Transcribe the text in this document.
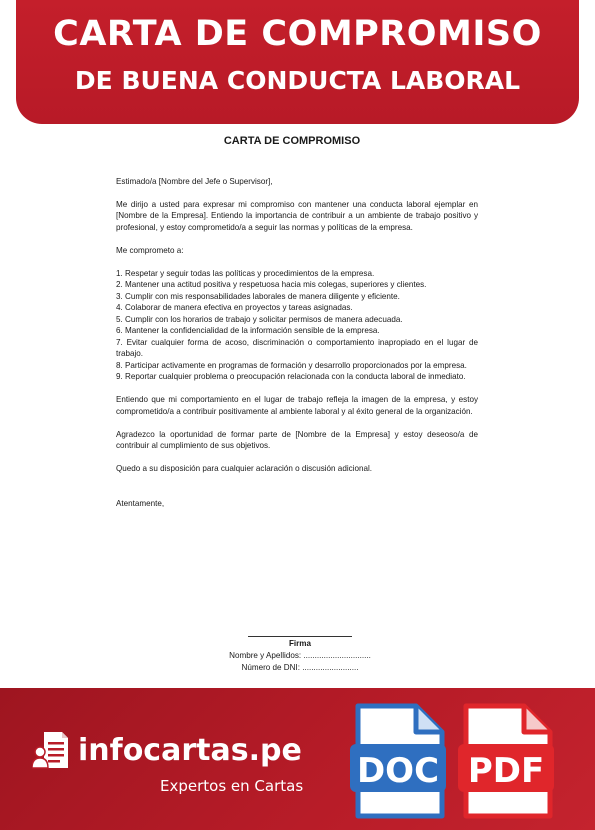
CARTA DE COMPROMISO
DE BUENA CONDUCTA LABORAL
CARTA DE COMPROMISO

Estimado/a [Nombre del Jefe o Supervisor],

Me dirijo a usted para expresar mi compromiso con mantener una conducta laboral ejemplar en [Nombre de la Empresa]. Entiendo la importancia de contribuir a un ambiente de trabajo positivo y profesional, y estoy comprometido/a a seguir las normas y políticas de la empresa.

Me comprometo a:

1. Respetar y seguir todas las políticas y procedimientos de la empresa.
2. Mantener una actitud positiva y respetuosa hacia mis colegas, superiores y clientes.
3. Cumplir con mis responsabilidades laborales de manera diligente y eficiente.
4. Colaborar de manera efectiva en proyectos y tareas asignadas.
5. Cumplir con los horarios de trabajo y solicitar permisos de manera adecuada.
6. Mantener la confidencialidad de la información sensible de la empresa.
7. Evitar cualquier forma de acoso, discriminación o comportamiento inapropiado en el lugar de trabajo.
8. Participar activamente en programas de formación y desarrollo proporcionados por la empresa.
9. Reportar cualquier problema o preocupación relacionada con la conducta laboral de inmediato.

Entiendo que mi comportamiento en el lugar de trabajo refleja la imagen de la empresa, y estoy comprometido/a a contribuir positivamente al ambiente laboral y al éxito general de la organización.

Agradezco la oportunidad de formar parte de [Nombre de la Empresa] y estoy deseoso/a de contribuir al cumplimiento de sus objetivos.

Quedo a su disposición para cualquier aclaración o discusión adicional.

Atentamente,

Firma
Nombre y Apellidos: ..............................
Número de DNI: .........................
infocartas.pe
Expertos en Cartas DOC PDF
